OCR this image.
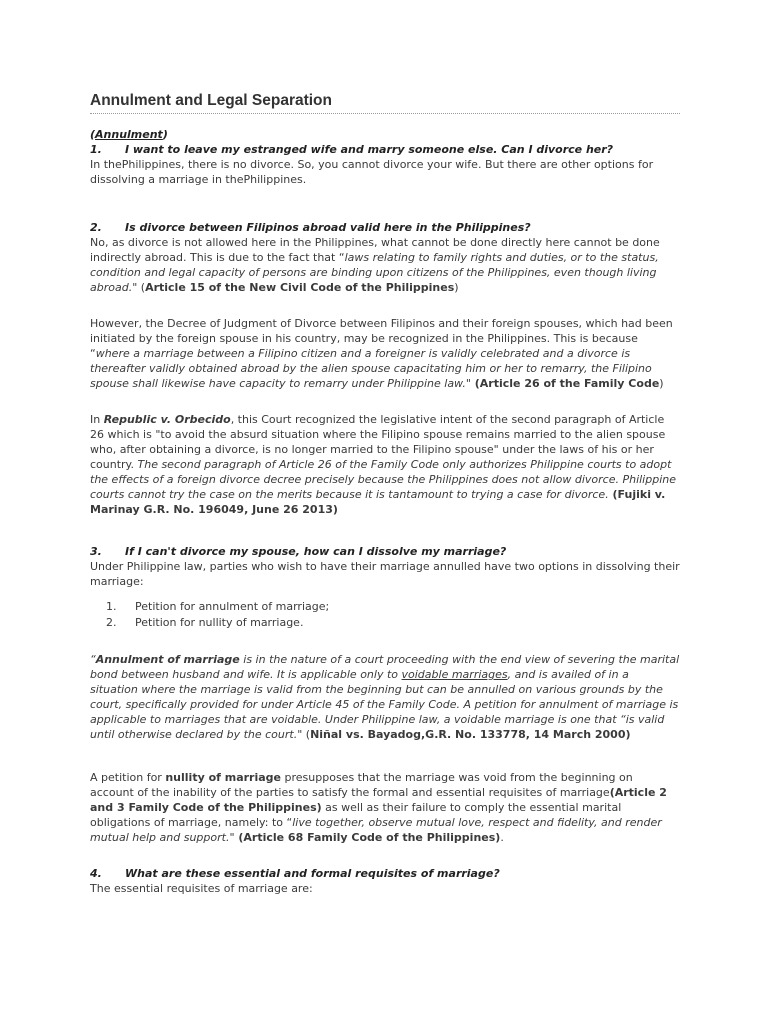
Annulment and Legal Separation

(Annulment)

1. I want to leave my estranged wife and marry someone else. Can I divorce her?

In thePhilippines, there is no divorce. So, you cannot divorce your wife. But there are other options for dissolving a marriage in thePhilippines.

2. Is divorce between Filipinos abroad valid here in the Philippines?

No, as divorce is not allowed here in the Philippines, what cannot be done directly here cannot be done indirectly abroad. This is due to the fact that “laws relating to family rights and duties, or to the status, condition and legal capacity of persons are binding upon citizens of the Philippines, even though living abroad." (Article 15 of the New Civil Code of the Philippines)

However, the Decree of Judgment of Divorce between Filipinos and their foreign spouses, which had been initiated by the foreign spouse in his country, may be recognized in the Philippines. This is because “where a marriage between a Filipino citizen and a foreigner is validly celebrated and a divorce is thereafter validly obtained abroad by the alien spouse capacitating him or her to remarry, the Filipino spouse shall likewise have capacity to remarry under Philippine law." (Article 26 of the Family Code)

In Republic v. Orbecido, this Court recognized the legislative intent of the second paragraph of Article 26 which is "to avoid the absurd situation where the Filipino spouse remains married to the alien spouse who, after obtaining a divorce, is no longer married to the Filipino spouse" under the laws of his or her country. The second paragraph of Article 26 of the Family Code only authorizes Philippine courts to adopt the effects of a foreign divorce decree precisely because the Philippines does not allow divorce. Philippine courts cannot try the case on the merits because it is tantamount to trying a case for divorce. (Fujiki v. Marinay G.R. No. 196049, June 26 2013)

3. If I can't divorce my spouse, how can I dissolve my marriage?

Under Philippine law, parties who wish to have their marriage annulled have two options in dissolving their marriage:

1. Petition for annulment of marriage;
2. Petition for nullity of marriage.

“Annulment of marriage is in the nature of a court proceeding with the end view of severing the marital bond between husband and wife. It is applicable only to voidable marriages, and is availed of in a situation where the marriage is valid from the beginning but can be annulled on various grounds by the court, specifically provided for under Article 45 of the Family Code. A petition for annulment of marriage is applicable to marriages that are voidable. Under Philippine law, a voidable marriage is one that “is valid until otherwise declared by the court." (Niñal vs. Bayadog,G.R. No. 133778, 14 March 2000)

A petition for nullity of marriage presupposes that the marriage was void from the beginning on account of the inability of the parties to satisfy the formal and essential requisites of marriage(Article 2 and 3 Family Code of the Philippines) as well as their failure to comply the essential marital obligations of marriage, namely: to “live together, observe mutual love, respect and fidelity, and render mutual help and support." (Article 68 Family Code of the Philippines).

4. What are these essential and formal requisites of marriage?

The essential requisites of marriage are:
